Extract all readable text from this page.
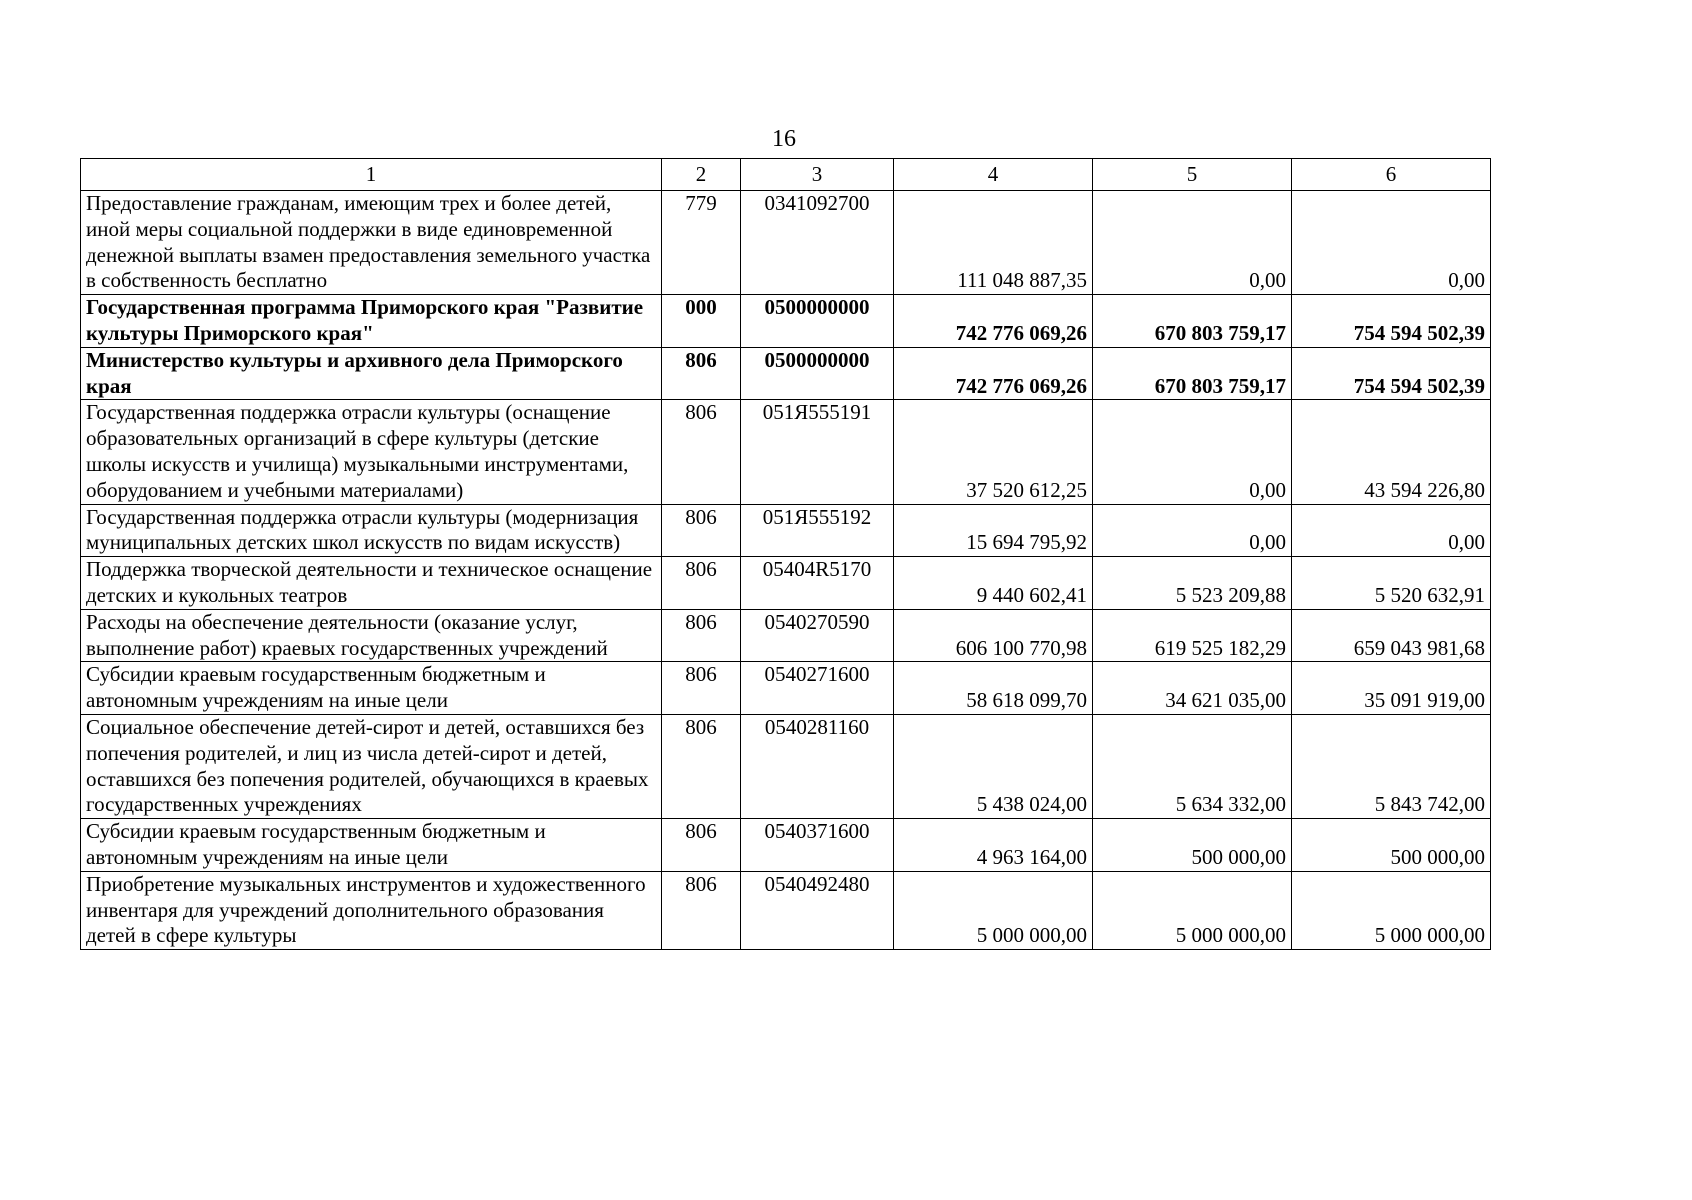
16
1	2	3	4	5	6
Предоставление гражданам, имеющим трех и более детей, иной меры социальной поддержки в виде единовременной денежной выплаты взамен предоставления земельного участка в собственность бесплатно	779	0341092700	111 048 887,35	0,00	0,00
Государственная программа Приморского края "Развитие культуры Приморского края"	000	0500000000	742 776 069,26	670 803 759,17	754 594 502,39
Министерство культуры и архивного дела Приморского края	806	0500000000	742 776 069,26	670 803 759,17	754 594 502,39
Государственная поддержка отрасли культуры (оснащение образовательных организаций в сфере культуры (детские школы искусств и училища) музыкальными инструментами, оборудованием и учебными материалами)	806	051Я555191	37 520 612,25	0,00	43 594 226,80
Государственная поддержка отрасли культуры (модернизация муниципальных детских школ искусств по видам искусств)	806	051Я555192	15 694 795,92	0,00	0,00
Поддержка творческой деятельности и техническое оснащение детских и кукольных театров	806	05404R5170	9 440 602,41	5 523 209,88	5 520 632,91
Расходы на обеспечение деятельности (оказание услуг, выполнение работ) краевых государственных учреждений	806	0540270590	606 100 770,98	619 525 182,29	659 043 981,68
Субсидии краевым государственным бюджетным и автономным учреждениям на иные цели	806	0540271600	58 618 099,70	34 621 035,00	35 091 919,00
Социальное обеспечение детей-сирот и детей, оставшихся без попечения родителей, и лиц из числа детей-сирот и детей, оставшихся без попечения родителей, обучающихся в краевых государственных учреждениях	806	0540281160	5 438 024,00	5 634 332,00	5 843 742,00
Субсидии краевым государственным бюджетным и автономным учреждениям на иные цели	806	0540371600	4 963 164,00	500 000,00	500 000,00
Приобретение музыкальных инструментов и художественного инвентаря для учреждений дополнительного образования детей в сфере культуры	806	0540492480	5 000 000,00	5 000 000,00	5 000 000,00
